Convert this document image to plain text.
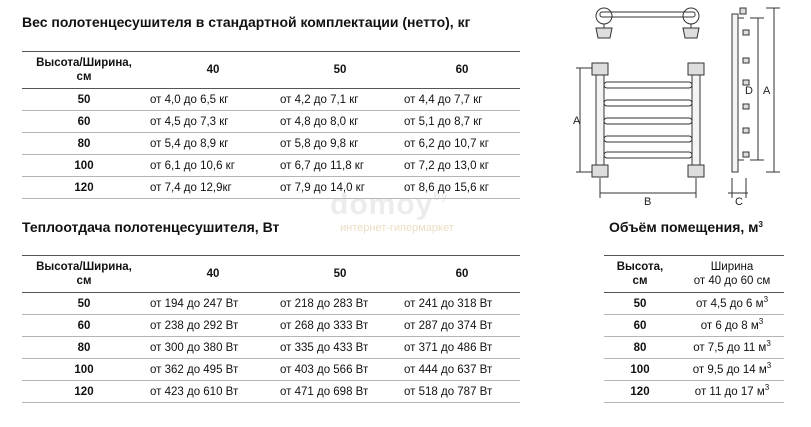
Вес полотенцесушителя в стандартной комплектации (нетто), кг
Высота/Ширина,
см	40	50	60
50	от 4,0 до 6,5 кг	от 4,2 до 7,1 кг	от 4,4 до 7,7 кг
60	от 4,5 до 7,3 кг	от 4,8 до 8,0 кг	от 5,1 до 8,7 кг
80	от 5,4 до 8,9 кг	от 5,8 до 9,8 кг	от 6,2 до 10,7 кг
100	от 6,1 до 10,6 кг	от 6,7 до 11,8 кг	от 7,2 до 13,0 кг
120	от 7,4 до 12,9кг	от 7,9 до 14,0 кг	от 8,6 до 15,6 кг
domoy$^{by}$
интернет-гипермаркет
Теплоотдача полотенцесушителя, Вт
Высота/Ширина,
см	40	50	60
50	от 194 до 247 Вт	от 218 до 283 Вт	от 241 до 318 Вт
60	от 238 до 292 Вт	от 268 до 333 Вт	от 287 до 374 Вт
80	от 300 до 380 Вт	от 335 до 433 Вт	от 371 до 486 Вт
100	от 362 до 495 Вт	от 403 до 566 Вт	от 444 до 637 Вт
120	от 423 до 610 Вт	от 471 до 698 Вт	от 518 до 787 Вт
Объём помещения, $м^3$
Высота,
см	Ширина
от 40 до 60 см
50	от 4,5 до 6 $м^3$
60	от 6 до 8 $м^3$
80	от 7,5 до 11 $м^3$
100	от 9,5 до 14 $м^3$
120	от 11 до 17 $м^3$
A
B	C
D A
